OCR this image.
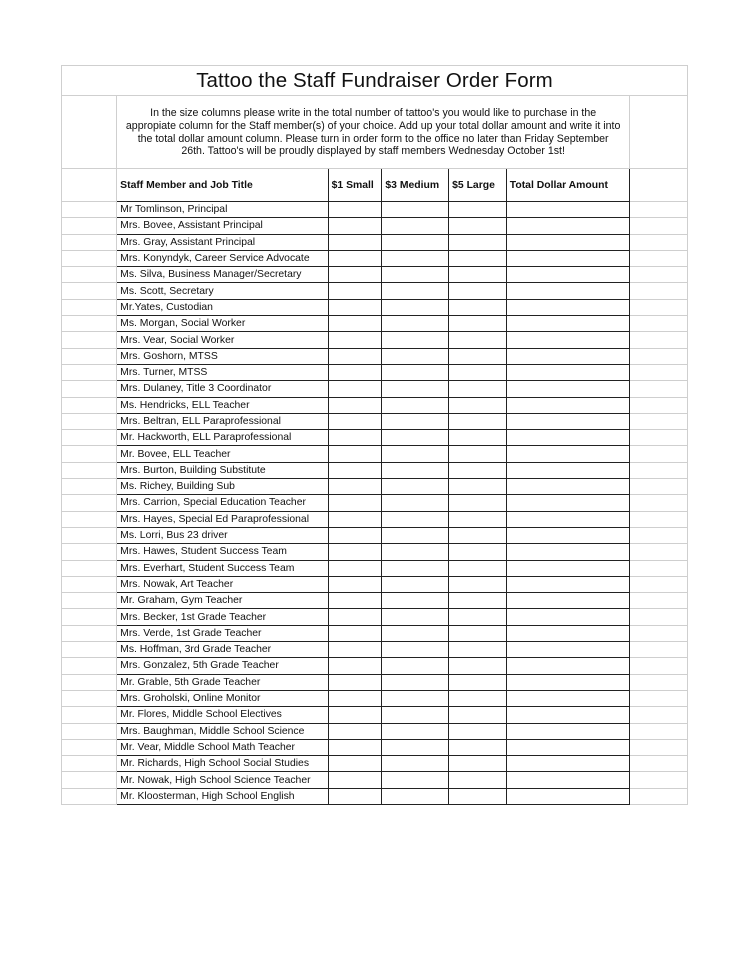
Tattoo the Staff Fundraiser Order Form						

	In the size columns please write in the total number of tattoo's you would like to purchase in the appropiate column for the Staff member(s) of your choice. Add up your total dollar amount and write it into the total dollar amount column. Please turn in order form to the office no later than Friday September 26th. Tattoo's will be proudly displayed by staff members Wednesday October 1st!					

	Staff Member and Job Title	$1 Small	$3 Medium	$5 Large	Total Dollar Amount	
	Mr Tomlinson, Principal					
	Mrs. Bovee, Assistant Principal					
	Mrs. Gray, Assistant Principal					
	Mrs. Konyndyk, Career Service Advocate					
	Ms. Silva, Business Manager/Secretary					
	Ms. Scott, Secretary					
	Mr.Yates, Custodian					
	Ms. Morgan, Social Worker					
	Mrs. Vear, Social Worker					
	Mrs. Goshorn, MTSS					
	Mrs. Turner, MTSS					
	Mrs. Dulaney, Title 3 Coordinator					
	Ms. Hendricks, ELL Teacher					
	Mrs. Beltran, ELL Paraprofessional					
	Mr. Hackworth, ELL Paraprofessional					
	Mr. Bovee, ELL Teacher					
	Mrs. Burton, Building Substitute					
	Ms. Richey, Building Sub					
	Mrs. Carrion, Special Education Teacher					
	Mrs. Hayes, Special Ed Paraprofessional					
	Ms. Lorri, Bus 23 driver					
	Mrs. Hawes, Student Success Team					
	Mrs. Everhart, Student Success Team					
	Mrs. Nowak, Art Teacher					
	Mr. Graham, Gym Teacher					
	Mrs. Becker, 1st Grade Teacher					
	Mrs. Verde, 1st Grade Teacher					
	Ms. Hoffman, 3rd Grade Teacher					
	Mrs. Gonzalez, 5th Grade Teacher					
	Mr. Grable, 5th Grade Teacher					
	Mrs. Groholski, Online Monitor					
	Mr. Flores, Middle School Electives					
	Mrs. Baughman, Middle School Science					
	Mr. Vear, Middle School Math Teacher					
	Mr. Richards, High School Social Studies					
	Mr. Nowak, High School Science Teacher					
	Mr. Kloosterman, High School English					
